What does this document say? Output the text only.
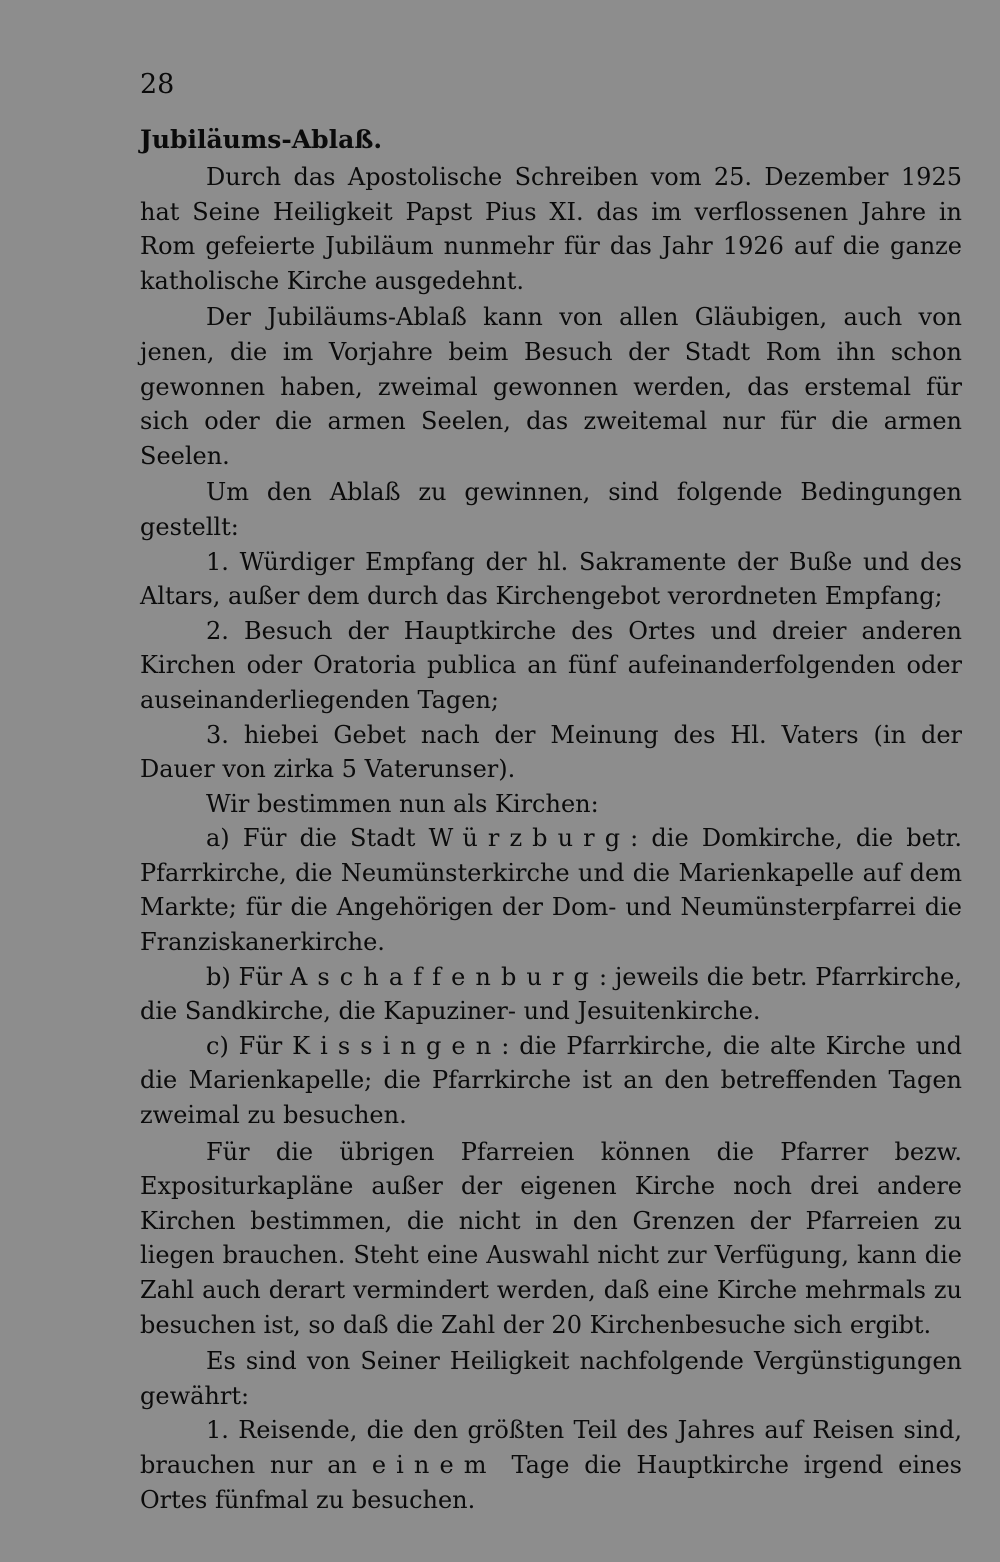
28
Jubiläums-Ablaß.

Durch das Apostolische Schreiben vom 25. Dezember 1925 hat Seine Heiligkeit Papst Pius XI. das im verflossenen Jahre in Rom gefeierte Jubiläum nunmehr für das Jahr 1926 auf die ganze katholische Kirche ausgedehnt.

Der Jubiläums-Ablaß kann von allen Gläubigen, auch von jenen, die im Vorjahre beim Besuch der Stadt Rom ihn schon gewonnen haben, zweimal gewonnen werden, das erstemal für sich oder die armen Seelen, das zweitemal nur für die armen Seelen.

Um den Ablaß zu gewinnen, sind folgende Bedingungen gestellt:

1. Würdiger Empfang der hl. Sakramente der Buße und des Altars, außer dem durch das Kirchengebot verordneten Empfang;

2. Besuch der Hauptkirche des Ortes und dreier anderen Kirchen oder Oratoria publica an fünf aufeinanderfolgenden oder auseinanderliegenden Tagen;

3. hiebei Gebet nach der Meinung des Hl. Vaters (in der Dauer von zirka 5 Vaterunser).

Wir bestimmen nun als Kirchen:

a) Für die Stadt Würzburg: die Domkirche, die betr. Pfarrkirche, die Neumünsterkirche und die Marienkapelle auf dem Markte; für die Angehörigen der Dom- und Neumünsterpfarrei die Franziskanerkirche.

b) Für Aschaffenburg: jeweils die betr. Pfarrkirche, die Sandkirche, die Kapuziner- und Jesuitenkirche.

c) Für Kissingen: die Pfarrkirche, die alte Kirche und die Marienkapelle; die Pfarrkirche ist an den betreffenden Tagen zweimal zu besuchen.

Für die übrigen Pfarreien können die Pfarrer bezw. Expositurkapläne außer der eigenen Kirche noch drei andere Kirchen bestimmen, die nicht in den Grenzen der Pfarreien zu liegen brauchen. Steht eine Auswahl nicht zur Verfügung, kann die Zahl auch derart vermindert werden, daß eine Kirche mehrmals zu besuchen ist, so daß die Zahl der 20 Kirchenbesuche sich ergibt.

Es sind von Seiner Heiligkeit nachfolgende Vergünstigungen gewährt:

1. Reisende, die den größten Teil des Jahres auf Reisen sind, brauchen nur an einem Tage die Hauptkirche irgend eines Ortes fünfmal zu besuchen.
